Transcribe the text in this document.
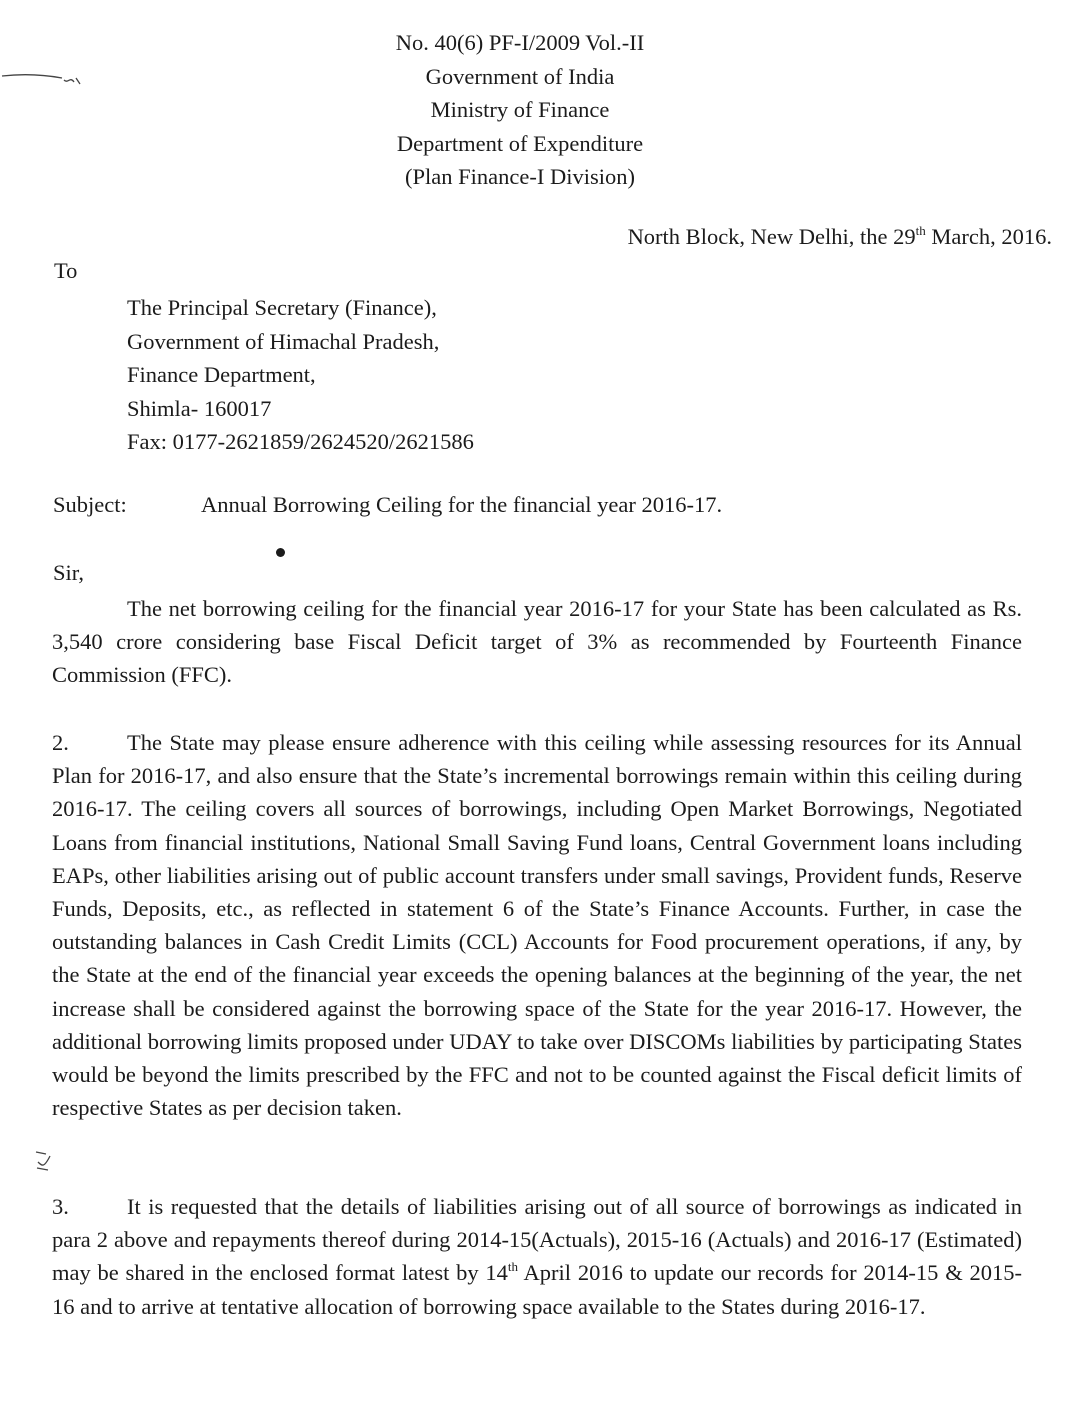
No. 40(6) PF-I/2009 Vol.-II
Government of India
Ministry of Finance
Department of Expenditure
(Plan Finance-I Division)
North Block, New Delhi, the 29th March, 2016.
To
The Principal Secretary (Finance),
Government of Himachal Pradesh,
Finance Department,
Shimla- 160017
Fax: 0177-2621859/2624520/2621586
Subject:	Annual Borrowing Ceiling for the financial year 2016-17.
Sir,
The net borrowing ceiling for the financial year 2016-17 for your State has been calculated as Rs. 3,540 crore considering base Fiscal Deficit target of 3% as recommended by Fourteenth Finance Commission (FFC).
2.	The State may please ensure adherence with this ceiling while assessing resources for its Annual Plan for 2016-17, and also ensure that the State’s incremental borrowings remain within this ceiling during 2016-17. The ceiling covers all sources of borrowings, including Open Market Borrowings, Negotiated Loans from financial institutions, National Small Saving Fund loans, Central Government loans including EAPs, other liabilities arising out of public account transfers under small savings, Provident funds, Reserve Funds, Deposits, etc., as reflected in statement 6 of the State’s Finance Accounts. Further, in case the outstanding balances in Cash Credit Limits (CCL) Accounts for Food procurement operations, if any, by the State at the end of the financial year exceeds the opening balances at the beginning of the year, the net increase shall be considered against the borrowing space of the State for the year 2016-17. However, the additional borrowing limits proposed under UDAY to take over DISCOMs liabilities by participating States would be beyond the limits prescribed by the FFC and not to be counted against the Fiscal deficit limits of respective States as per decision taken.
3.	It is requested that the details of liabilities arising out of all source of borrowings as indicated in para 2 above and repayments thereof during 2014-15(Actuals), 2015-16 (Actuals) and 2016-17 (Estimated) may be shared in the enclosed format latest by 14th April 2016 to update our records for 2014-15 & 2015-16 and to arrive at tentative allocation of borrowing space available to the States during 2016-17.
